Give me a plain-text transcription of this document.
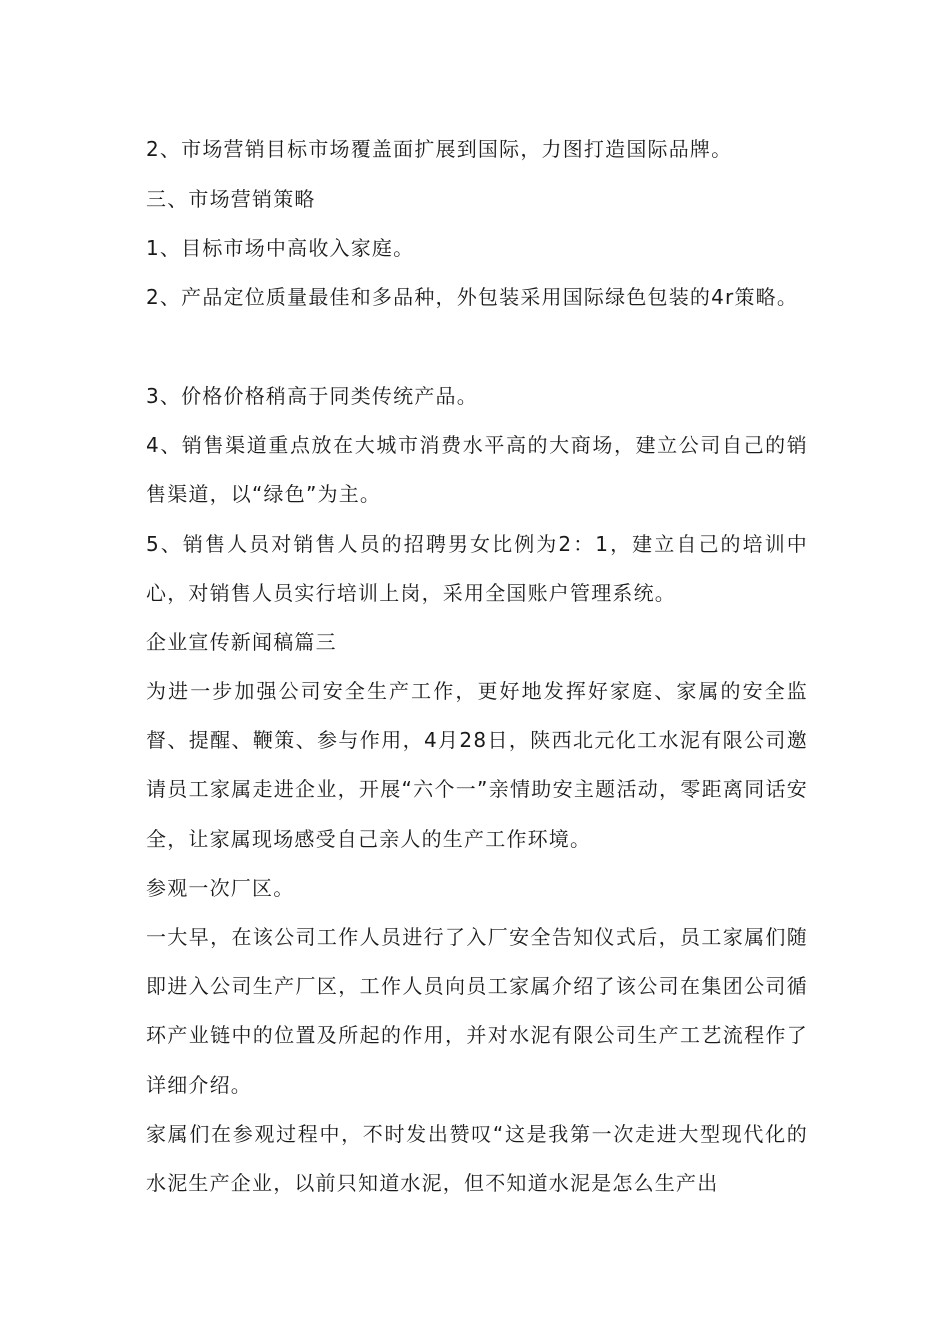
2、市场营销目标市场覆盖面扩展到国际，力图打造国际品牌。

三、市场营销策略

1、目标市场中高收入家庭。

2、产品定位质量最佳和多品种，外包装采用国际绿色包装的4r策略。

3、价格价格稍高于同类传统产品。

4、销售渠道重点放在大城市消费水平高的大商场，建立公司自己的销售渠道，以“绿色”为主。

5、销售人员对销售人员的招聘男女比例为2：1，建立自己的培训中心，对销售人员实行培训上岗，采用全国账户管理系统。

企业宣传新闻稿篇三

为进一步加强公司安全生产工作，更好地发挥好家庭、家属的安全监督、提醒、鞭策、参与作用，4月28日，陕西北元化工水泥有限公司邀请员工家属走进企业，开展“六个一”亲情助安主题活动，零距离同话安全，让家属现场感受自己亲人的生产工作环境。

参观一次厂区。

一大早，在该公司工作人员进行了入厂安全告知仪式后，员工家属们随即进入公司生产厂区，工作人员向员工家属介绍了该公司在集团公司循环产业链中的位置及所起的作用，并对水泥有限公司生产工艺流程作了详细介绍。

家属们在参观过程中，不时发出赞叹“这是我第一次走进大型现代化的水泥生产企业，以前只知道水泥，但不知道水泥是怎么生产出
